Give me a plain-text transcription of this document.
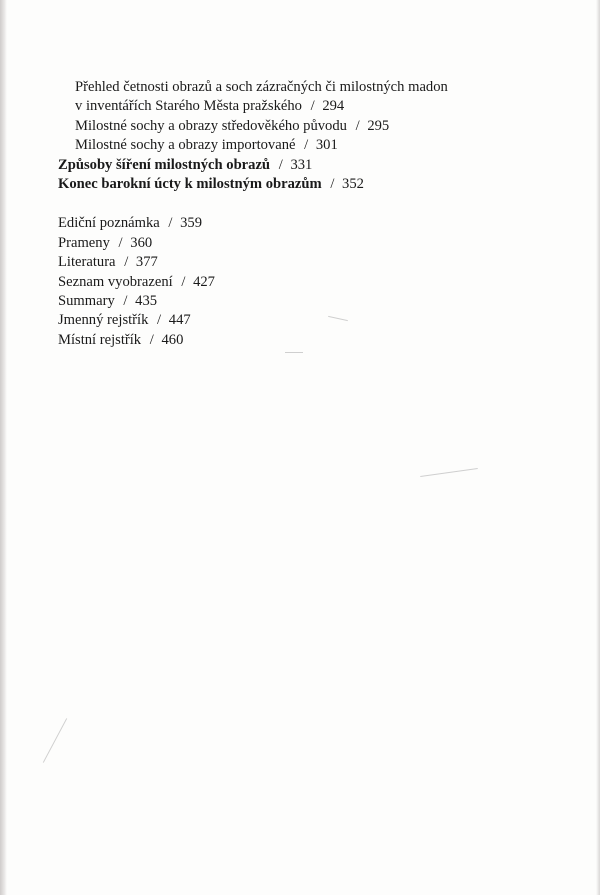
Přehled četnosti obrazů a soch zázračných či milostných madon
v inventářích Starého Města pražského / 294
Milostné sochy a obrazy středověkého původu / 295
Milostné sochy a obrazy importované / 301
Způsoby šíření milostných obrazů / 331
Konec barokní úcty k milostným obrazům / 352
Ediční poznámka / 359
Prameny / 360
Literatura / 377
Seznam vyobrazení / 427
Summary / 435
Jmenný rejstřík / 447
Místní rejstřík / 460
